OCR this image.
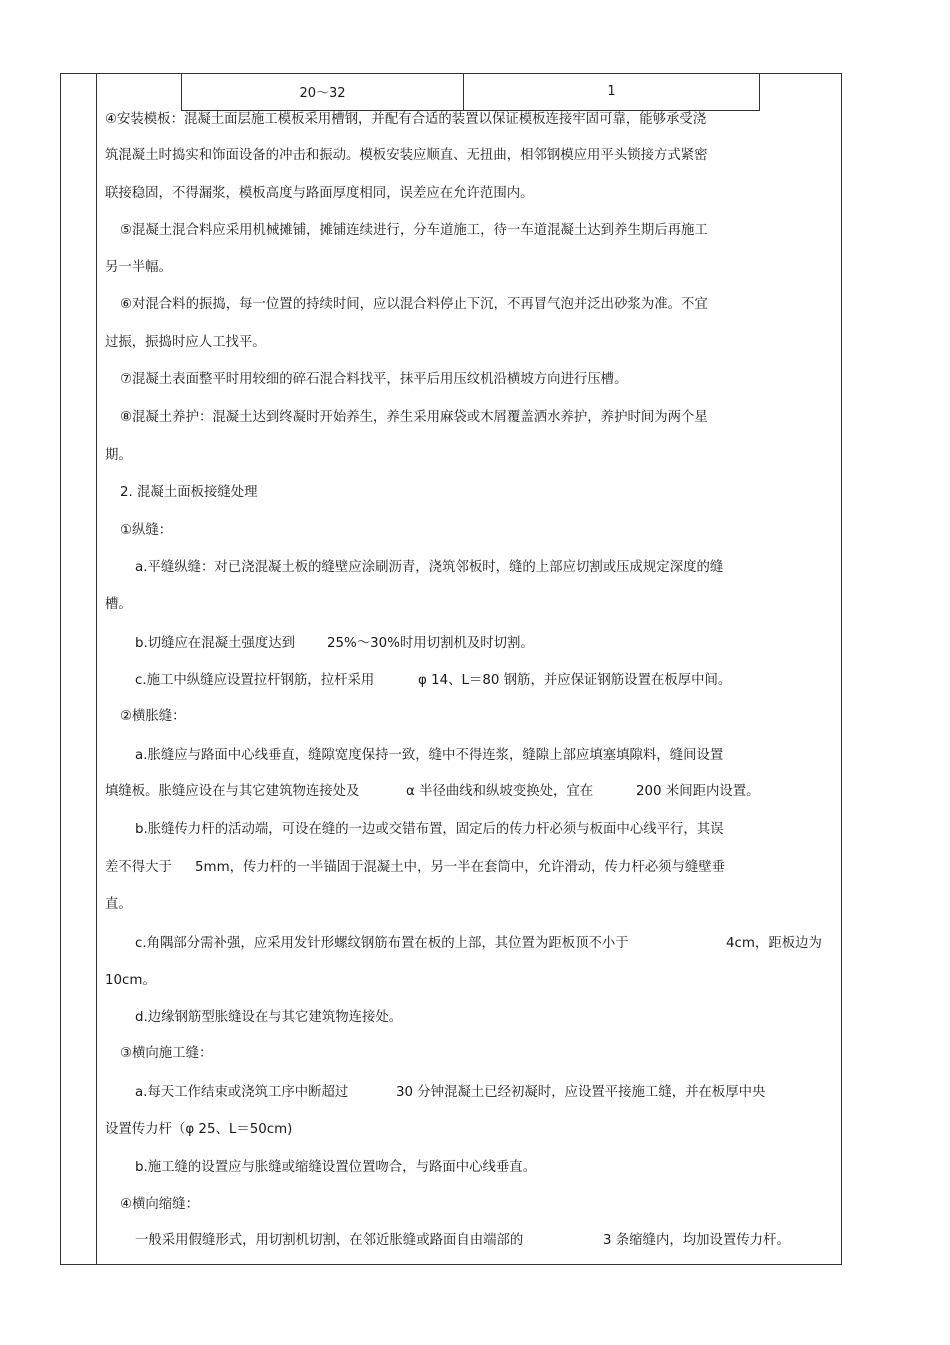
20～32	1
④安装模板：混凝土面层施工模板采用槽钢，并配有合适的装置以保证模板连接牢固可靠，能够承受浇
筑混凝土时捣实和饰面设备的冲击和振动。模板安装应顺直、无扭曲，相邻钢模应用平头锁接方式紧密
联接稳固，不得漏浆，模板高度与路面厚度相同，误差应在允许范围内。
⑤混凝土混合料应采用机械摊铺，摊铺连续进行，分车道施工，待一车道混凝土达到养生期后再施工
另一半幅。
⑥对混合料的振捣，每一位置的持续时间，应以混合料停止下沉，不再冒气泡并泛出砂浆为准。不宜
过振，振捣时应人工找平。
⑦混凝土表面整平时用较细的碎石混合料找平，抹平后用压纹机沿横坡方向进行压槽。
⑧混凝土养护：混凝土达到终凝时开始养生，养生采用麻袋或木屑覆盖洒水养护，养护时间为两个星
期。
2. 混凝土面板接缝处理
①纵缝：
a.平缝纵缝：对已浇混凝土板的缝壁应涂刷沥青，浇筑邻板时，缝的上部应切割或压成规定深度的缝
槽。
b.切缝应在混凝土强度达到 25%～30%时用切割机及时切割。
c.施工中纵缝应设置拉杆钢筋，拉杆采用	φ 14、L＝80 钢筋，并应保证钢筋设置在板厚中间。
②横胀缝：
a.胀缝应与路面中心线垂直，缝隙宽度保持一致，缝中不得连浆，缝隙上部应填塞填隙料，缝间设置
填缝板。胀缝应设在与其它建筑物连接处及	α 半径曲线和纵坡变换处，宜在	200 米间距内设置。
b.胀缝传力杆的活动端，可设在缝的一边或交错布置，固定后的传力杆必须与板面中心线平行，其误
差不得大于 5mm，传力杆的一半锚固于混凝土中，另一半在套筒中，允许滑动，传力杆必须与缝壁垂
直。
c.角隅部分需补强，应采用发针形螺纹钢筋布置在板的上部，其位置为距板顶不小于	4cm，距板边为
10cm。
d.边缘钢筋型胀缝设在与其它建筑物连接处。
③横向施工缝：
a.每天工作结束或浇筑工序中断超过	30 分钟混凝土已经初凝时，应设置平接施工缝，并在板厚中央
设置传力杆（φ 25、L＝50cm)
b.施工缝的设置应与胀缝或缩缝设置位置吻合，与路面中心线垂直。
④横向缩缝：
一般采用假缝形式，用切割机切割，在邻近胀缝或路面自由端部的	3 条缩缝内，均加设置传力杆。
